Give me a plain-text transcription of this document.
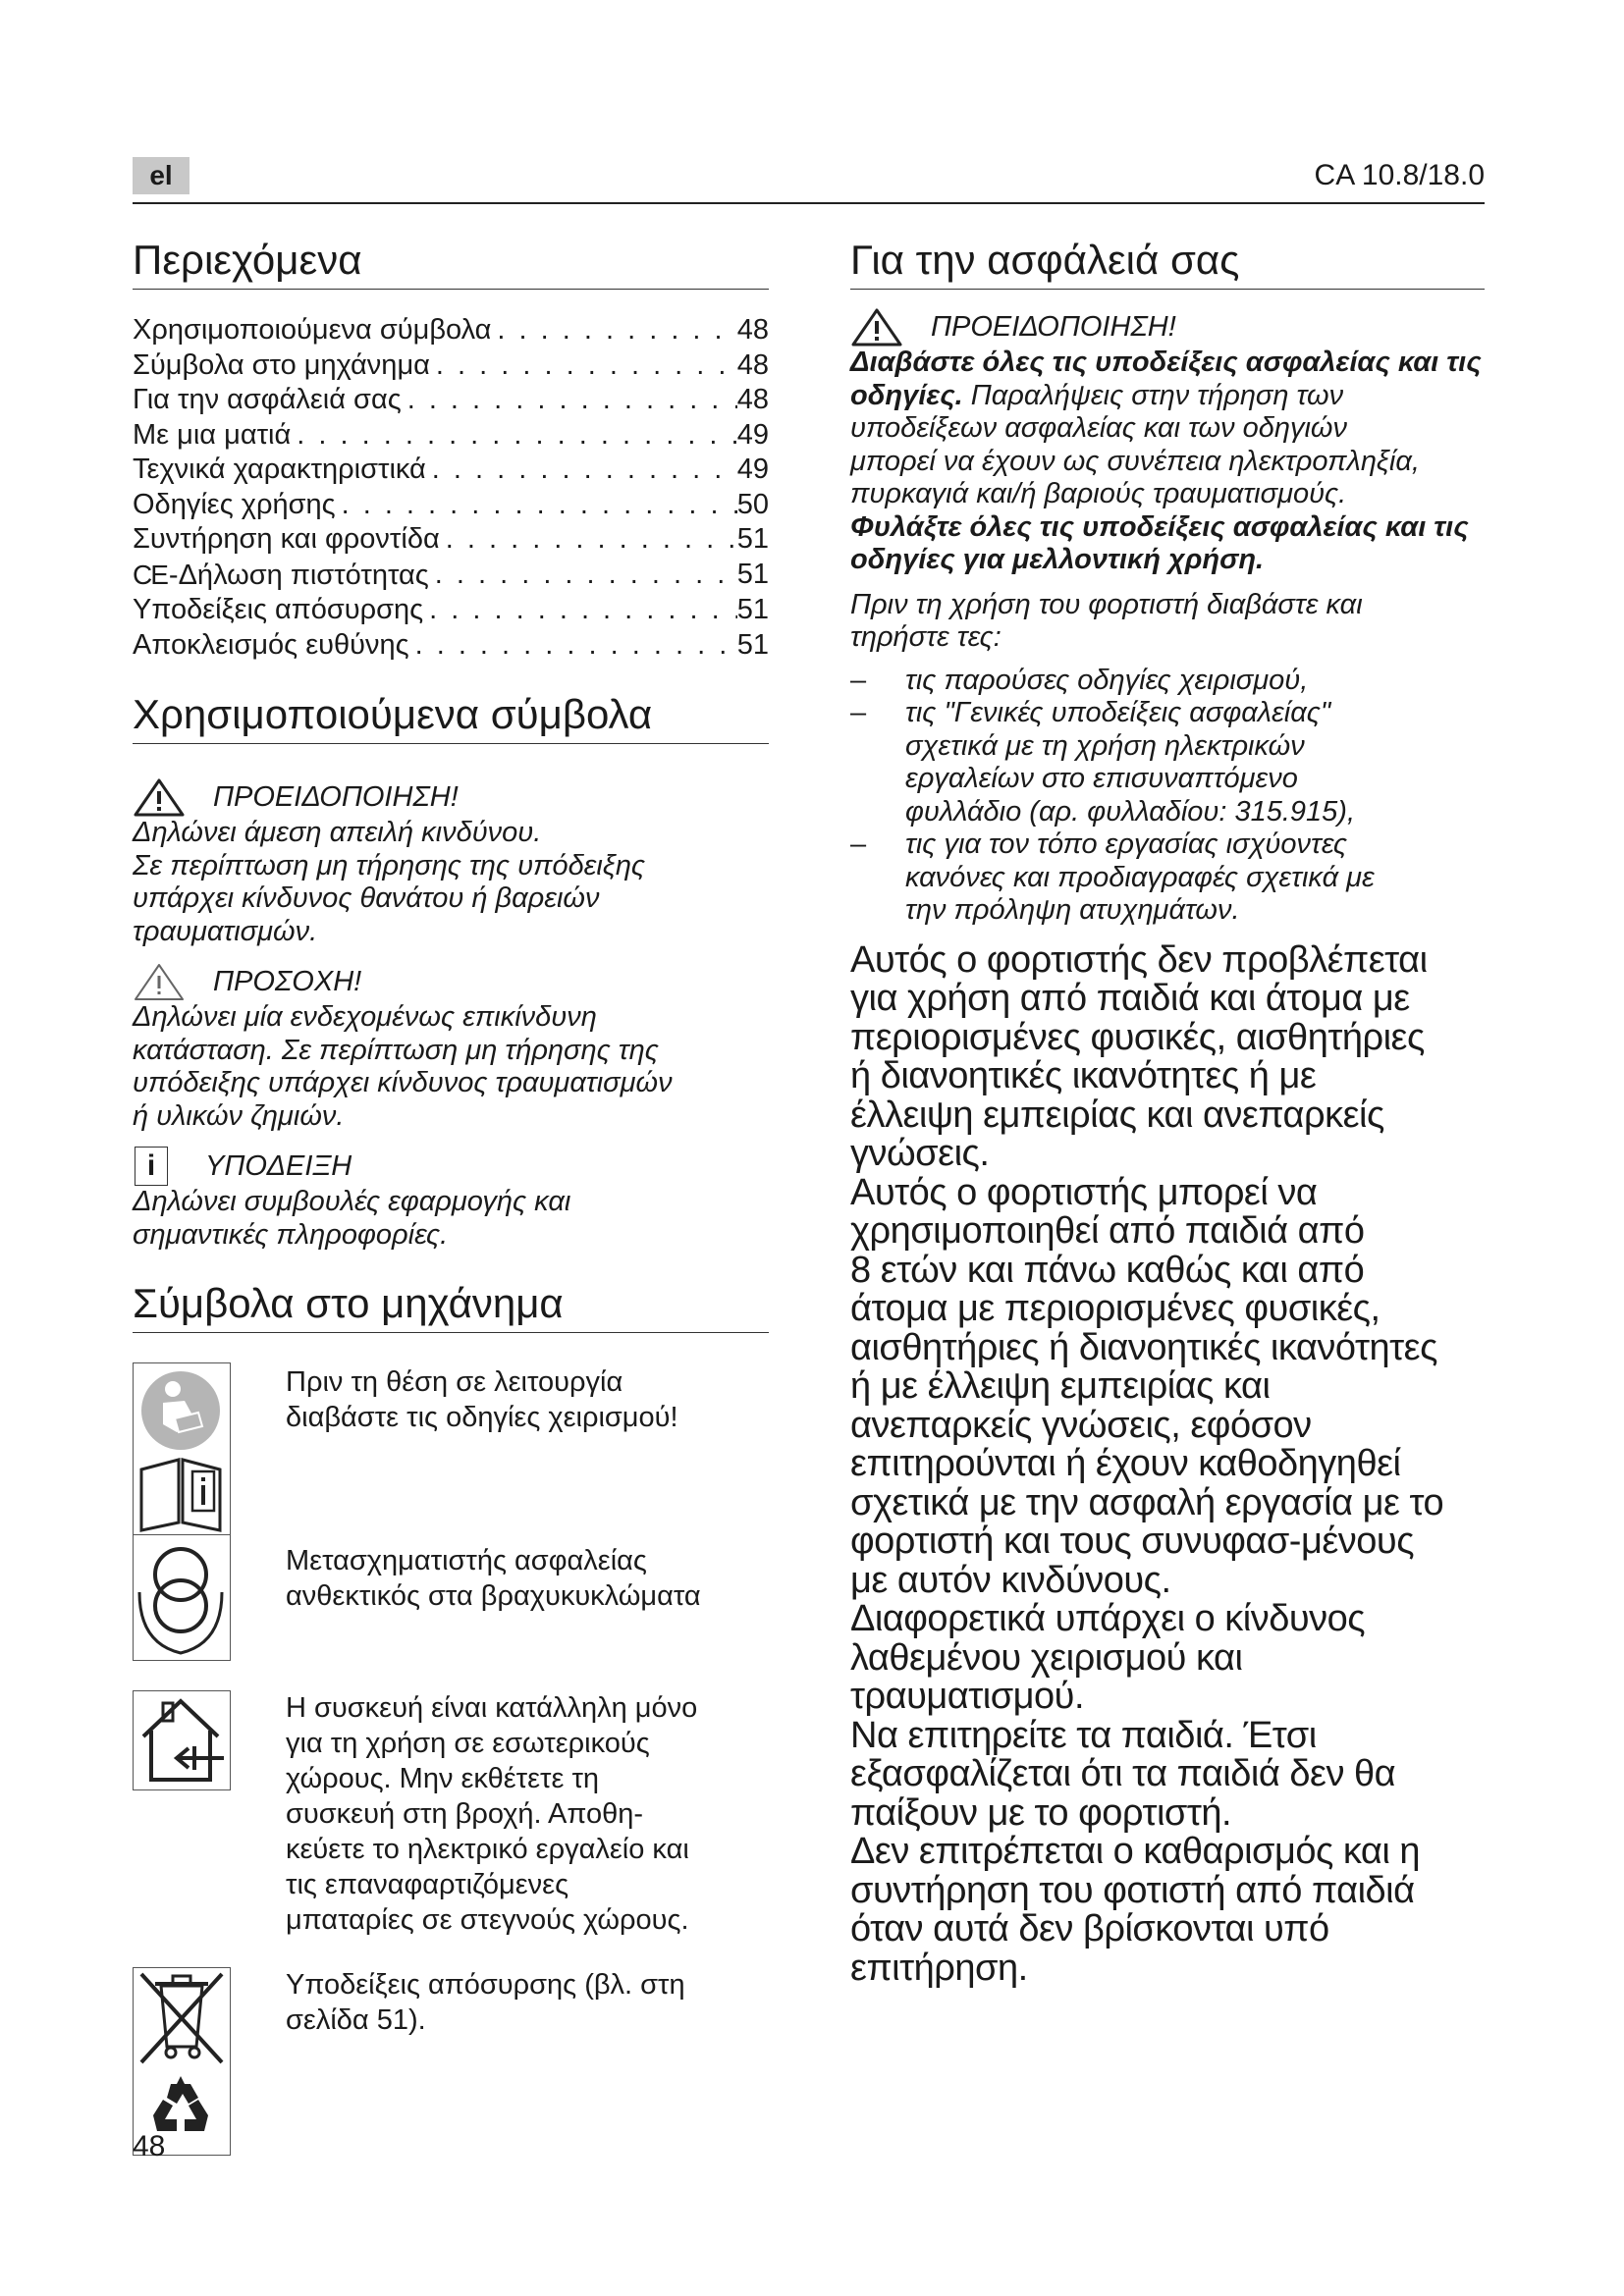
el	CA 10.8/18.0
Περιεχόμενα
Χρησιμοποιούμενα σύμβολα . . .	48
Σύμβολα στο μηχάνημα . . .	48
Για την ασφάλειά σας . . .	48
Με μια ματιά . . .	49
Τεχνικά χαρακτηριστικά . . .	49
Οδηγίες χρήσης . . .	50
Συντήρηση και φροντίδα . . .	51
CE-Δήλωση πιστότητας . . .	51
Υποδείξεις απόσυρσης . . .	51
Αποκλεισμός ευθύνης . . .	51
Χρησιμοποιούμενα σύμβολα
ΠΡΟΕΙΔΟΠΟΙΗΣΗ!

Δηλώνει άμεση απειλή κινδύνου.
Σε περίπτωση μη τήρησης της υπόδειξης
υπάρχει κίνδυνος θανάτου ή βαρειών
τραυματισμών.

ΠΡΟΣΟΧΗ!

Δηλώνει μία ενδεχομένως επικίνδυνη
κατάσταση. Σε περίπτωση μη τήρησης της
υπόδειξης υπάρχει κίνδυνος τραυματισμών
ή υλικών ζημιών.

i	ΥΠΟΔΕΙΞΗ

Δηλώνει συμβουλές εφαρμογής και
σημαντικές πληροφορίες.

Σύμβολα στο μηχάνημα

Πριν τη θέση σε λειτουργία
διαβάστε τις οδηγίες χειρισμού!

Μετασχηματιστής ασφαλείας
ανθεκτικός στα βραχυκυκλώματα

Η συσκευή είναι κατάλληλη μόνο
για τη χρήση σε εσωτερικούς
χώρους. Μην εκθέτετε τη
συσκευή στη βροχή. Αποθη-
κεύετε το ηλεκτρικό εργαλείο και
τις επαναφαρτιζόμενες
μπαταρίες σε στεγνούς χώρους.

Υποδείξεις απόσυρσης (βλ. στη
σελίδα 51).

Για την ασφάλειά σας
ΠΡΟΕΙΔΟΠΟΙΗΣΗ!

Διαβάστε όλες τις υποδείξεις ασφαλείας και τις
οδηγίες. Παραλήψεις στην τήρηση των
υποδείξεων ασφαλείας και των οδηγιών
μπορεί να έχουν ως συνέπεια ηλεκτροπληξία,
πυρκαγιά και/ή βαριούς τραυματισμούς.
Φυλάξτε όλες τις υποδείξεις ασφαλείας και τις
οδηγίες για μελλοντική χρήση.

Πριν τη χρήση του φορτιστή διαβάστε και
τηρήστε τες:

–	τις παρούσες οδηγίες χειρισμού,
–	τις "Γενικές υποδείξεις ασφαλείας"
σχετικά με τη χρήση ηλεκτρικών
εργαλείων στο επισυναπτόμενο
φυλλάδιο (αρ. φυλλαδίου: 315.915),
–	τις για τον τόπο εργασίας ισχύοντες
κανόνες και προδιαγραφές σχετικά με
την πρόληψη ατυχημάτων.

Αυτός ο φορτιστής δεν προβλέπεται
για χρήση από παιδιά και άτομα με
περιορισμένες φυσικές, αισθητήριες
ή διανοητικές ικανότητες ή με
έλλειψη εμπειρίας και ανεπαρκείς
γνώσεις.
Αυτός ο φορτιστής μπορεί να
χρησιμοποιηθεί από παιδιά από
8 ετών και πάνω καθώς και από
άτομα με περιορισμένες φυσικές,
αισθητήριες ή διανοητικές ικανότητες
ή με έλλειψη εμπειρίας και
ανεπαρκείς γνώσεις, εφόσον
επιτηρούνται ή έχουν καθοδηγηθεί
σχετικά με την ασφαλή εργασία με το
φορτιστή και τους συνυφασ-μένους
με αυτόν κινδύνους.
Διαφορετικά υπάρχει ο κίνδυνος
λαθεμένου χειρισμού και
τραυματισμού.
Να επιτηρείτε τα παιδιά. Έτσι
εξασφαλίζεται ότι τα παιδιά δεν θα
παίξουν με το φορτιστή.
Δεν επιτρέπεται ο καθαρισμός και η
συντήρηση του φοτιστή από παιδιά
όταν αυτά δεν βρίσκονται υπό
επιτήρηση.

48
